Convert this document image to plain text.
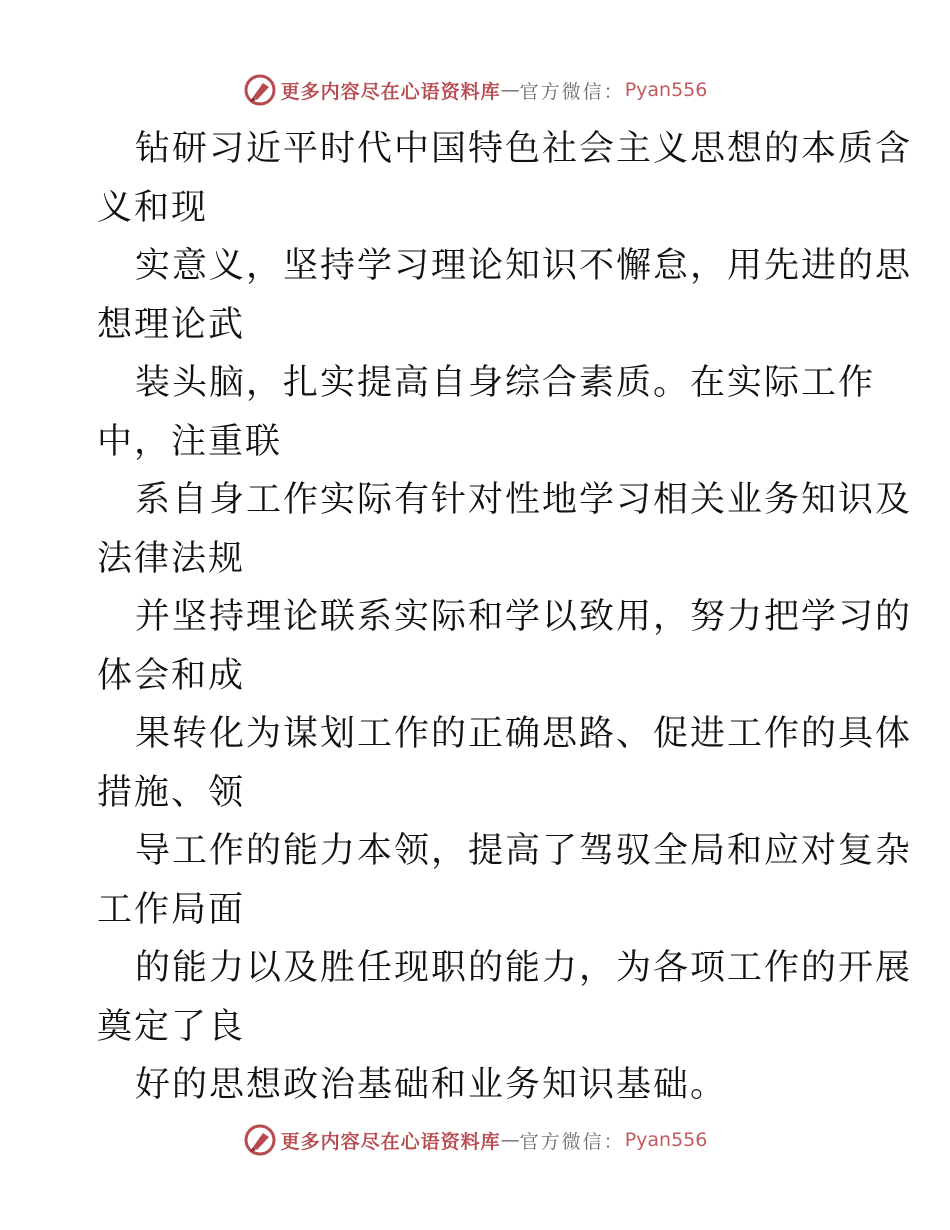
更多内容尽在心语资料库 — 官方微信： Pyan556
钻研习近平时代中国特色社会主义思想的本质含
义和现
实意义，坚持学习理论知识不懈怠，用先进的思
想理论武
装头脑，扎实提高自身综合素质。在实际工作
中，注重联
系自身工作实际有针对性地学习相关业务知识及
法律法规
并坚持理论联系实际和学以致用，努力把学习的
体会和成
果转化为谋划工作的正确思路、促进工作的具体
措施、领
导工作的能力本领，提高了驾驭全局和应对复杂
工作局面
的能力以及胜任现职的能力，为各项工作的开展
奠定了良
好的思想政治基础和业务知识基础。
更多内容尽在心语资料库 — 官方微信： Pyan556
